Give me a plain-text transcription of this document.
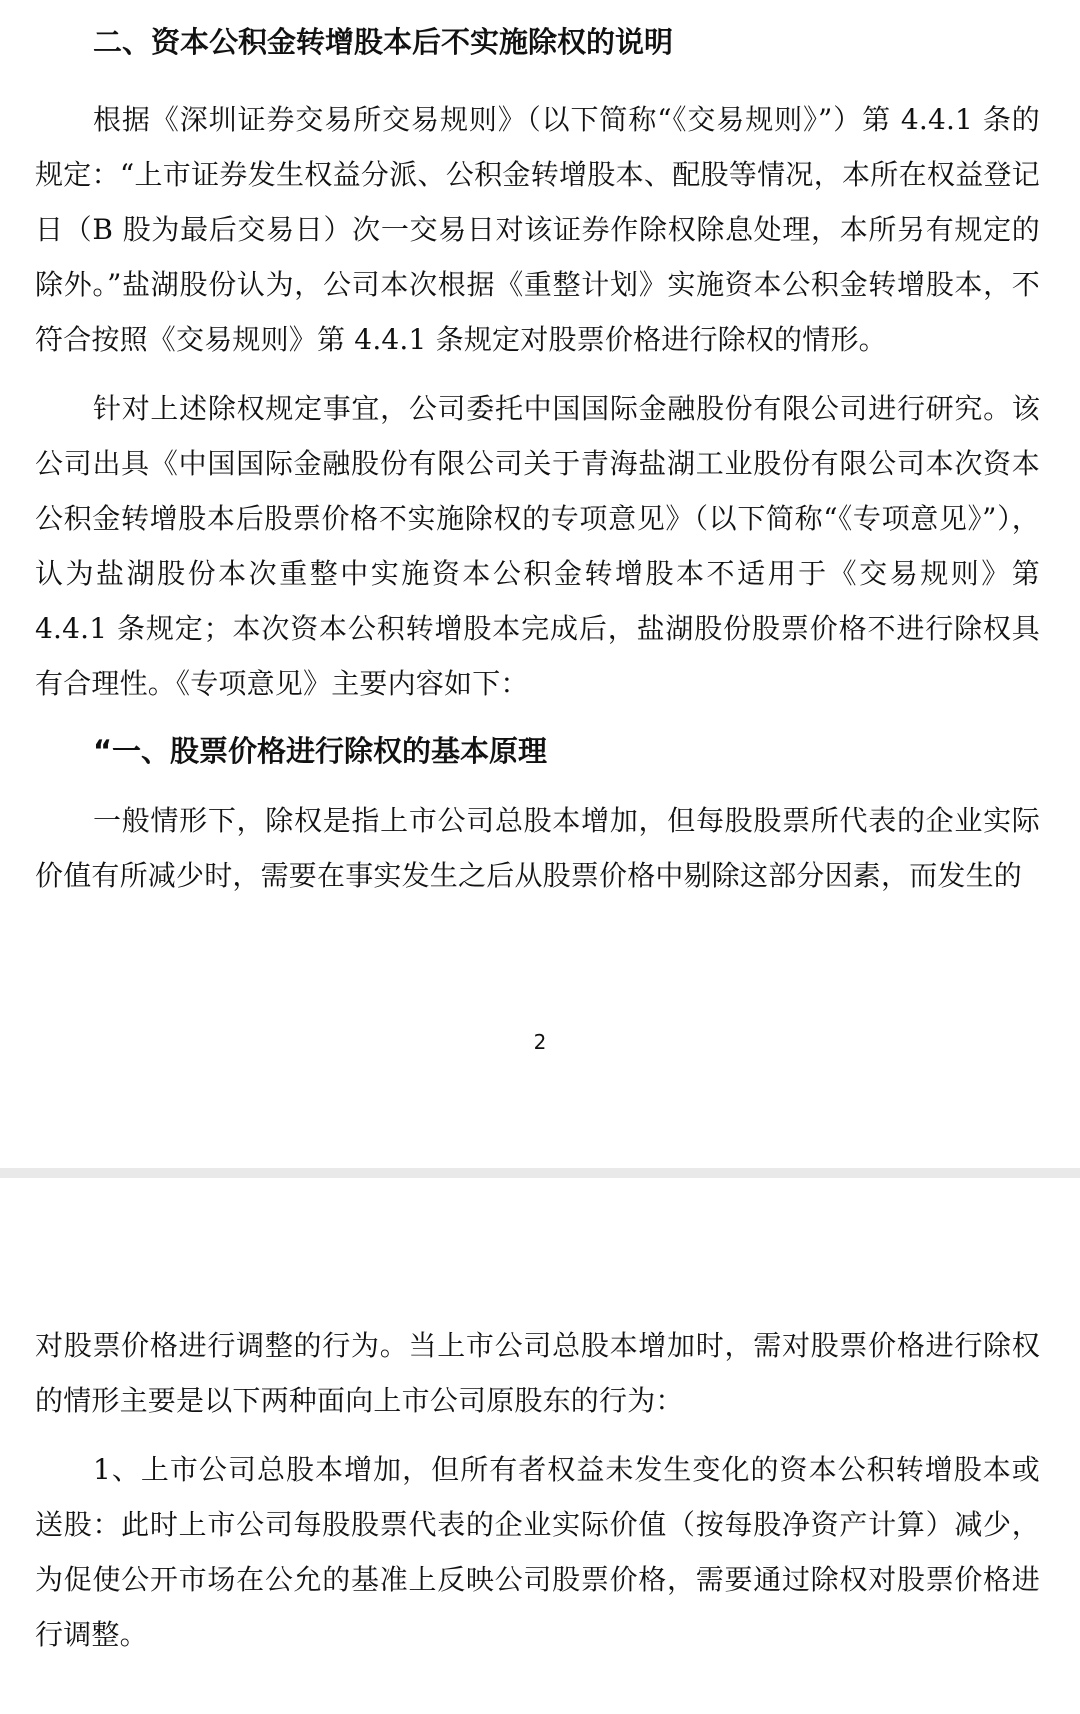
二、资本公积金转增股本后不实施除权的说明

根据《深圳证券交易所交易规则》（以下简称“《交易规则》”）第 4.4.1 条的规定：“上市证券发生权益分派、公积金转增股本、配股等情况，本所在权益登记日（B 股为最后交易日）次一交易日对该证券作除权除息处理，本所另有规定的除外。”盐湖股份认为，公司本次根据《重整计划》实施资本公积金转增股本，不符合按照《交易规则》第 4.4.1 条规定对股票价格进行除权的情形。

针对上述除权规定事宜，公司委托中国国际金融股份有限公司进行研究。该公司出具《中国国际金融股份有限公司关于青海盐湖工业股份有限公司本次资本公积金转增股本后股票价格不实施除权的专项意见》（以下简称“《专项意见》”），认为盐湖股份本次重整中实施资本公积金转增股本不适用于《交易规则》第 4.4.1 条规定；本次资本公积转增股本完成后，盐湖股份股票价格不进行除权具有合理性。《专项意见》主要内容如下：

“一、股票价格进行除权的基本原理

一般情形下，除权是指上市公司总股本增加，但每股股票所代表的企业实际价值有所减少时，需要在事实发生之后从股票价格中剔除这部分因素，而发生的

2

对股票价格进行调整的行为。当上市公司总股本增加时，需对股票价格进行除权的情形主要是以下两种面向上市公司原股东的行为：

1、上市公司总股本增加，但所有者权益未发生变化的资本公积转增股本或送股：此时上市公司每股股票代表的企业实际价值（按每股净资产计算）减少，为促使公开市场在公允的基准上反映公司股票价格，需要通过除权对股票价格进行调整。
